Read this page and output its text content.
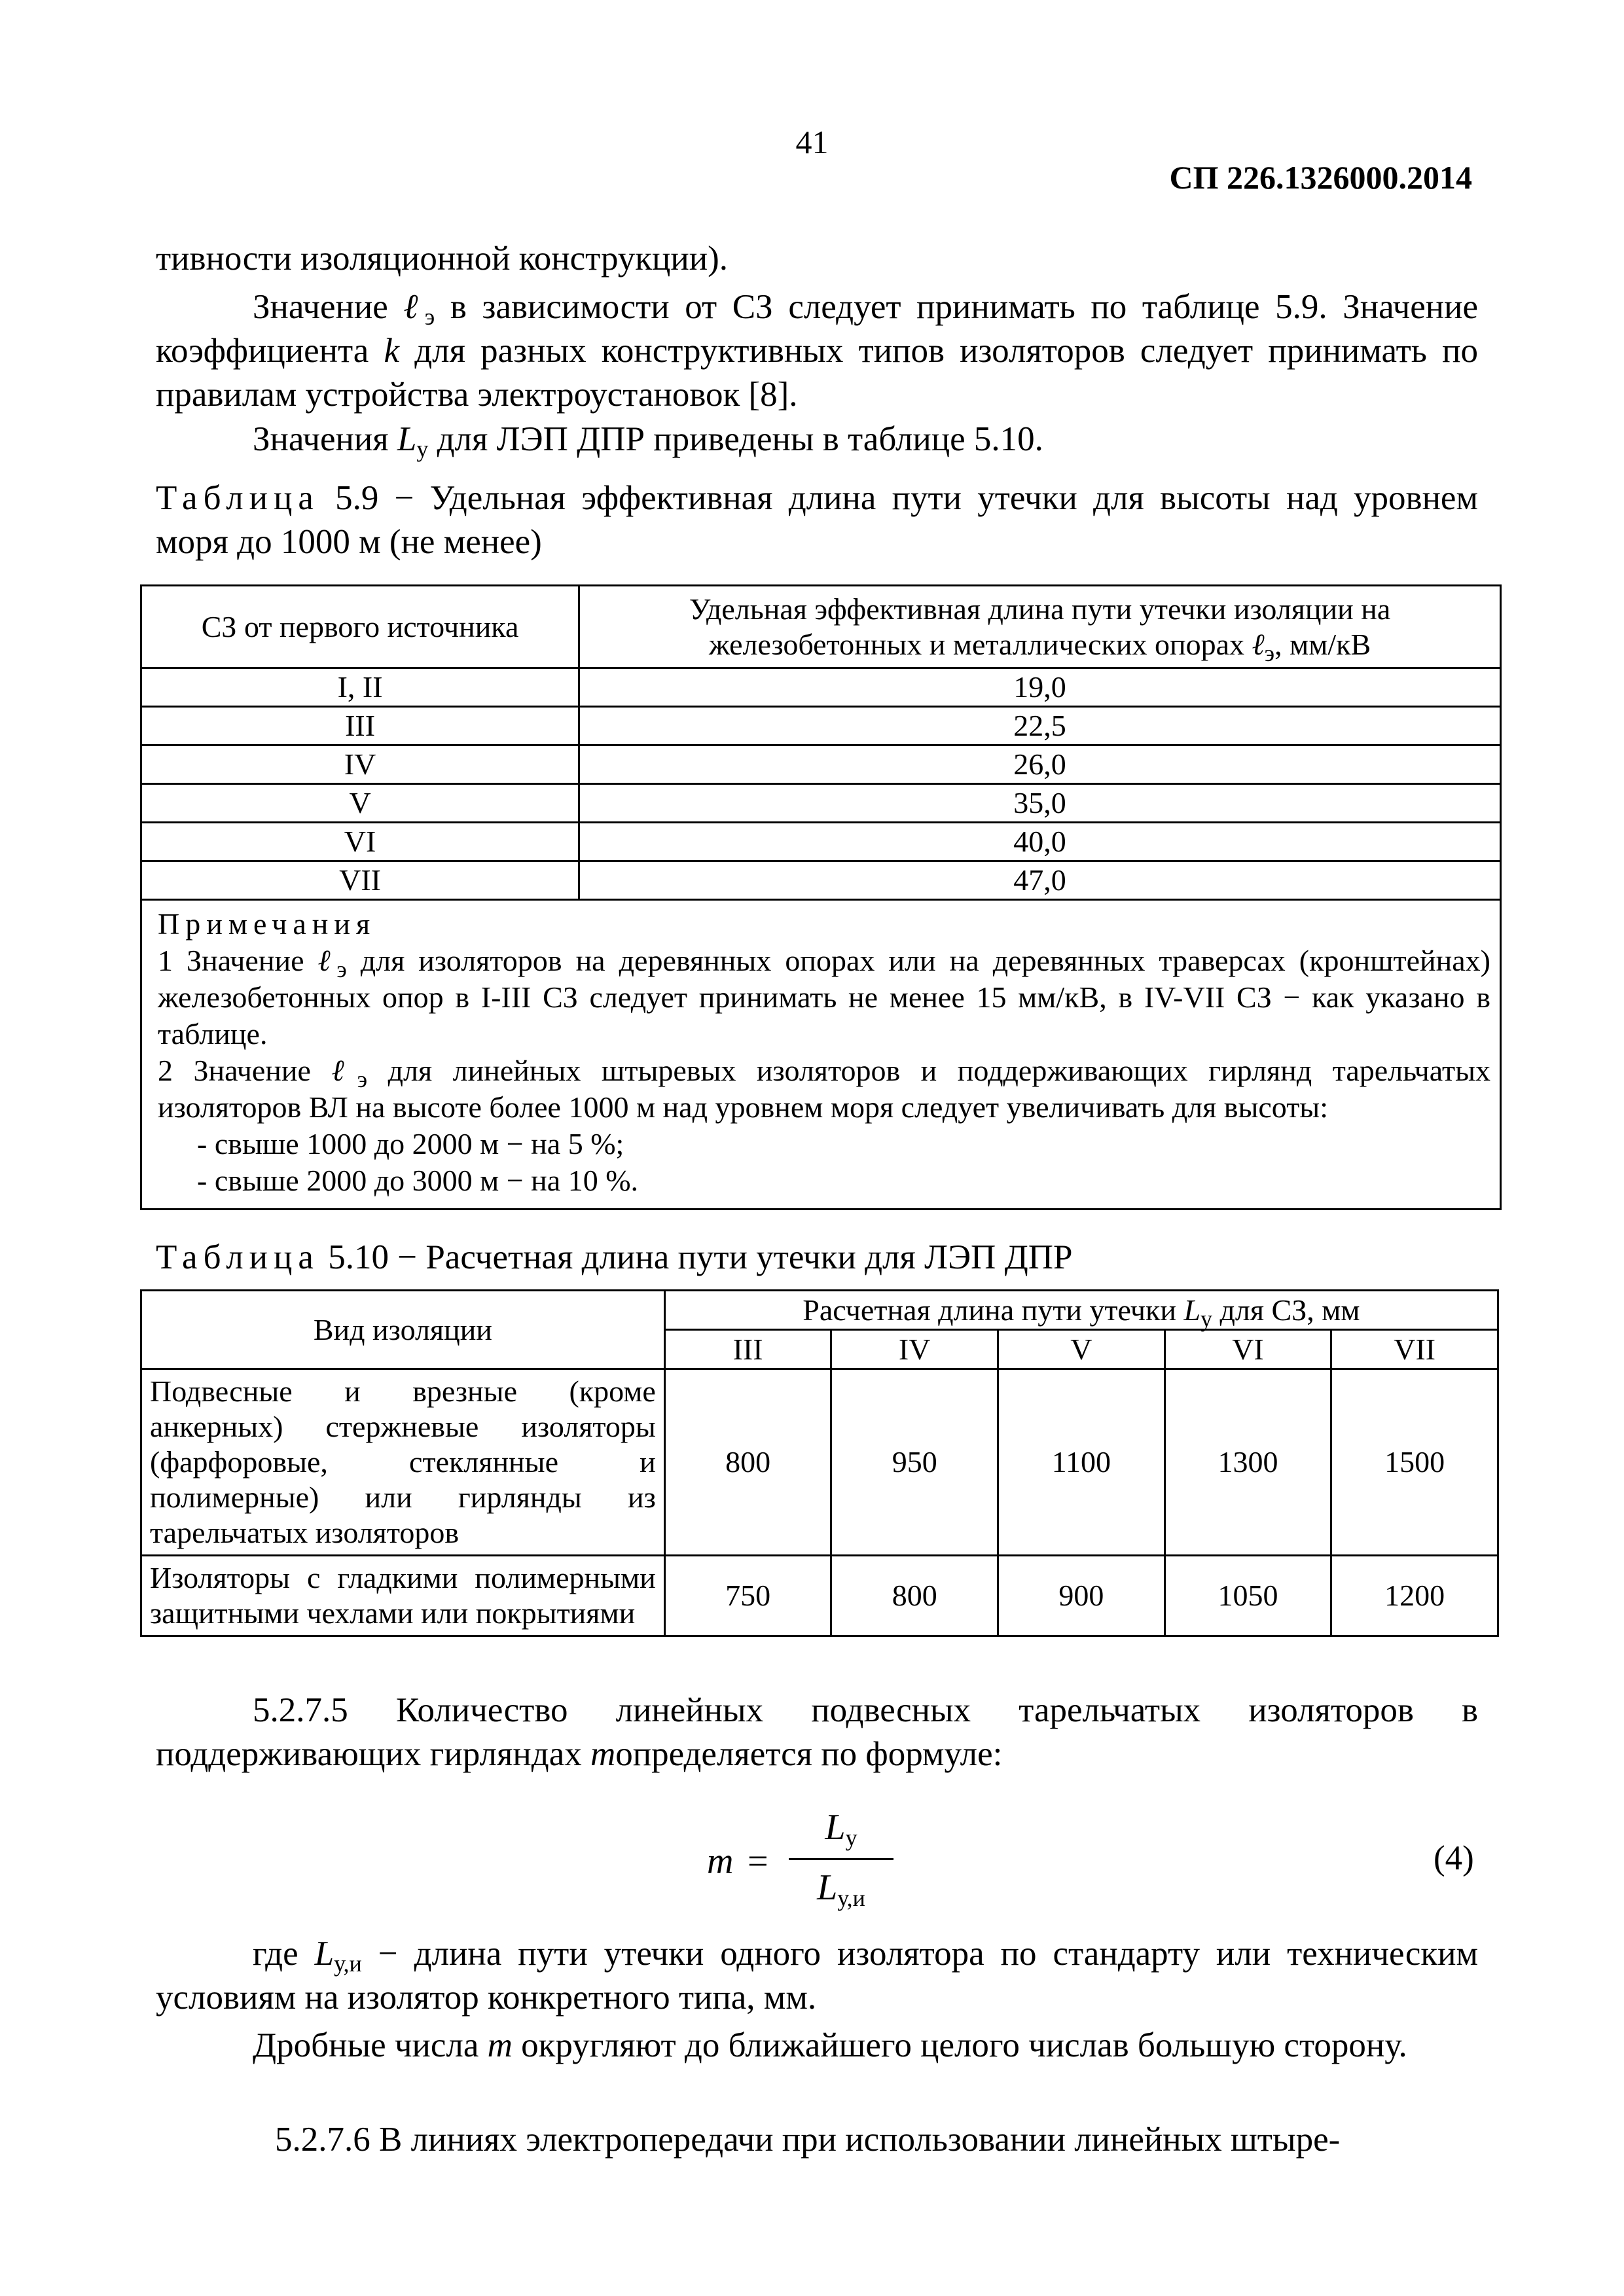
41
СП 226.1326000.2014

тивности изоляционной конструкции).

Значение ℓ$_э$ в зависимости от СЗ следует принимать по таблице 5.9. Значение коэффициента k для разных конструктивных типов изоляторов следует принимать по правилам устройства электроустановок [8].

Значения $L_у$ для ЛЭП ДПР приведены в таблице 5.10.

Таблица 5.9 − Удельная эффективная длина пути утечки для высоты над уровнем моря до 1000 м (не менее)

СЗ от первого источника	Удельная эффективная длина пути утечки изоляции на железобетонных и металлических опорах ℓ$_э$, мм/кВ
I, II	19,0
III	22,5
IV	26,0
V	35,0
VI	40,0
VII	47,0

Примечания
1 Значение ℓ$_э$ для изоляторов на деревянных опорах или на деревянных траверсах (кронштейнах) железобетонных опор в I-III СЗ следует принимать не менее 15 мм/кВ, в IV-VII СЗ − как указано в таблице.
2 Значение ℓ$_э$ для линейных штыревых изоляторов и поддерживающих гирлянд тарельчатых изоляторов ВЛ на высоте более 1000 м над уровнем моря следует увеличивать для высоты:
- свыше 1000 до 2000 м − на 5 %;
- свыше 2000 до 3000 м − на 10 %.	

Таблица 5.10 − Расчетная длина пути утечки для ЛЭП ДПР

Вид изоляции	Расчетная длина пути утечки $L_у$ для СЗ, мм				
	III	IV	V	VI	VII
Подвесные и врезные (кроме анкерных) стержневые изоляторы (фарфоровые, стеклянные и полимерные) или гирлянды из тарельчатых изоляторов	800	950	1100	1300	1500
Изоляторы с гладкими полимерными защитными чехлами или покрытиями	750	800	900	1050	1200

5.2.7.5 Количество линейных подвесных тарельчатых изоляторов в поддерживающих гирляндах mопределяется по формуле:

m =
$L_у$
$L_{у,и}$
(4)

где $L_{у,и}$ − длина пути утечки одного изолятора по стандарту или техническим условиям на изолятор конкретного типа, мм.

Дробные числа m округляют до ближайшего целого числав большую сторону.

5.2.7.6 В линиях электропередачи при использовании линейных штыре-
